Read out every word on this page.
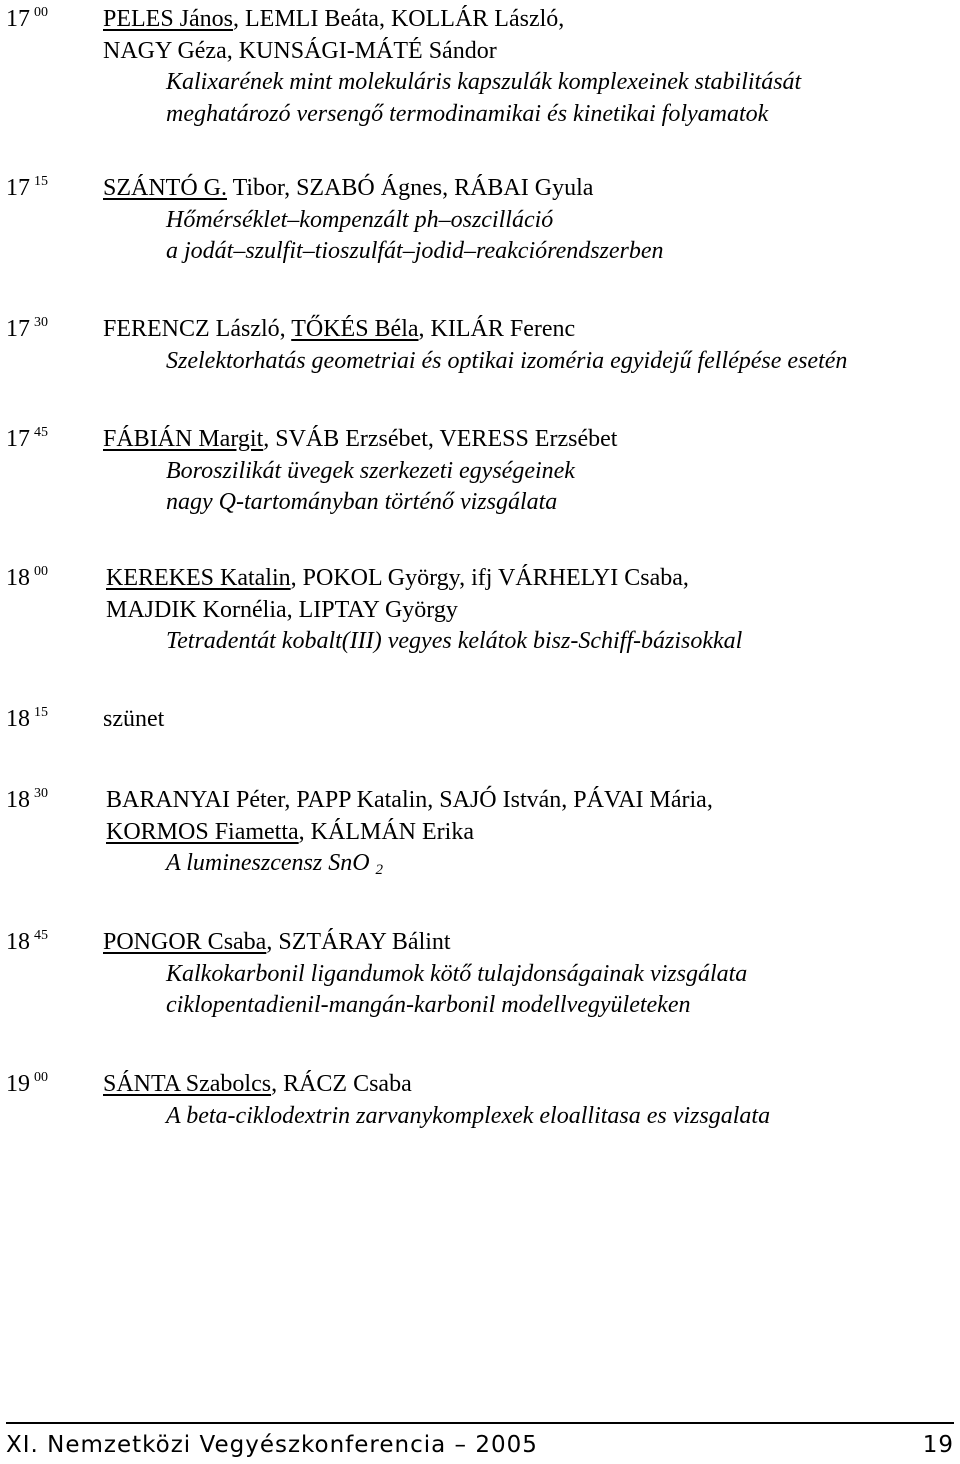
17 $^{00}$ PELES János, LEMLI Beáta, KOLLÁR László,
NAGY Géza, KUNSÁGI-MÁTÉ Sándor
Kalixarének mint molekuláris kapszulák komplexeinek stabilitását
meghatározó versengő termodinamikai és kinetikai folyamatok
17 $^{15}$ SZÁNTÓ G. Tibor, SZABÓ Ágnes, RÁBAI Gyula
Hőmérséklet–kompenzált ph–oszcilláció
a jodát–szulfit–tioszulfát–jodid–reakciórendszerben
17 $^{30}$ FERENCZ László, TŐKÉS Béla, KILÁR Ferenc
Szelektorhatás geometriai és optikai izoméria egyidejű fellépése esetén
17 $^{45}$ FÁBIÁN Margit, SVÁB Erzsébet, VERESS Erzsébet
Boroszilikát üvegek szerkezeti egységeinek
nagy Q-tartományban történő vizsgálata
18 $^{00}$ KEREKES Katalin, POKOL György, ifj VÁRHELYI Csaba,
MAJDIK Kornélia, LIPTAY György
Tetradentát kobalt(III) vegyes kelátok bisz-Schiff-bázisokkal
18 $^{15}$ szünet
18 $^{30}$ BARANYAI Péter, PAPP Katalin, SAJÓ István, PÁVAI Mária,
KORMOS Fiametta, KÁLMÁN Erika
A lumineszcensz SnO $_2$
18 $^{45}$ PONGOR Csaba, SZTÁRAY Bálint
Kalkokarbonil ligandumok kötő tulajdonságainak vizsgálata
ciklopentadienil-mangán-karbonil modellvegyületeken
19 $^{00}$ SÁNTA Szabolcs, RÁCZ Csaba
A beta-ciklodextrin zarvanykomplexek eloallitasa es vizsgalata
XI. Nemzetközi Vegyészkonferencia – 2005	19
